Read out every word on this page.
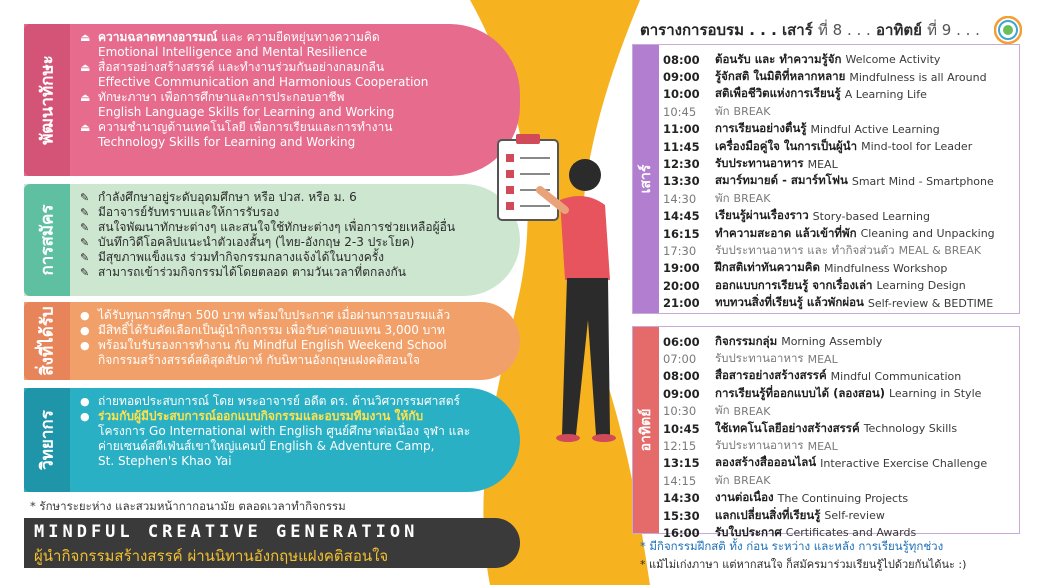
พัฒนาทักษะ
⏏ ความฉลาดทางอารมณ์ และ ความยืดหยุ่นทางความคิด
Emotional Intelligence and Mental Resilience
⏏ สื่อสารอย่างสร้างสรรค์ และทำงานร่วมกันอย่างกลมกลืน
Effective Communication and Harmonious Cooperation
⏏ ทักษะภาษา เพื่อการศึกษาและการประกอบอาชีพ
English Language Skills for Learning and Working
⏏ ความชำนาญด้านเทคโนโลยี เพื่อการเรียนและการทำงาน
Technology Skills for Learning and Working
การสมัคร
✎ กำลังศึกษาอยู่ระดับอุดมศึกษา หรือ ปวส. หรือ ม. 6
✎ มีอาจารย์รับทราบและให้การรับรอง
✎ สนใจพัฒนาทักษะต่างๆ และสนใจใช้ทักษะต่างๆ เพื่อการช่วยเหลือผู้อื่น
✎ บันทึกวิดีโอคลิปแนะนำตัวเองสั้นๆ (ไทย-อังกฤษ 2-3 ประโยค)
✎ มีสุขภาพแข็งแรง ร่วมทำกิจกรรมกลางแจ้งได้ในบางครั้ง
✎ สามารถเข้าร่วมกิจกรรมได้โดยตลอด ตามวันเวลาที่ตกลงกัน
สิ่งที่ได้รับ ● ได้รับทุนการศึกษา 500 บาท พร้อมใบประกาศ เมื่อผ่านการอบรมแล้ว
● มีสิทธิ์ได้รับคัดเลือกเป็นผู้นำกิจกรรม เพื่อรับค่าตอบแทน 3,000 บาท
● พร้อมใบรับรองการทำงาน กับ Mindful English Weekend School
กิจกรรมสร้างสรรค์สติสุดสัปดาห์ กับนิทานอังกฤษแฝงคติสอนใจ
วิทยากร
● ถ่ายทอดประสบการณ์ โดย พระอาจารย์ อดีต ดร. ด้านวิศวกรรมศาสตร์
● ร่วมกับผู้มีประสบการณ์ออกแบบกิจกรรมและอบรมทีมงาน ให้กับ
โครงการ Go International with English ศูนย์ศึกษาต่อเนื่อง จุฬา และ
ค่ายเซนต์สตีเฟ่นส์เขาใหญ่แคมป์ English & Adventure Camp,
St. Stephen's Khao Yai
* รักษาระยะห่าง และสวมหน้ากากอนามัย ตลอดเวลาทำกิจกรรม
MINDFUL CREATIVE GENERATION
ผู้นำกิจกรรมสร้างสรรค์ ผ่านนิทานอังกฤษแฝงคติสอนใจ
ตารางการอบรม . . . เสาร์ ที่ 8 . . . อาทิตย์ ที่ 9 . . .
เสาร์
08:00	ต้อนรับ และ ทำความรู้จัก Welcome Activity
09:00	รู้จักสติ ในมิติที่หลากหลาย Mindfulness is all Around
10:00	สติเพื่อชีวิตแห่งการเรียนรู้ A Learning Life
10:45	พัก BREAK
11:00	การเรียนอย่างตื่นรู้ Mindful Active Learning
11:45	เครื่องมือคู่ใจ ในการเป็นผู้นำ Mind-tool for Leader
12:30	รับประทานอาหาร MEAL
13:30	สมาร์ทมายด์ - สมาร์ทโฟน Smart Mind - Smartphone
14:30	พัก BREAK
14:45	เรียนรู้ผ่านเรื่องราว Story-based Learning
16:15	ทำความสะอาด แล้วเข้าที่พัก Cleaning and Unpacking
17:30	รับประทานอาหาร และ ทำกิจส่วนตัว MEAL & BREAK
19:00	ฝึกสติเท่าทันความคิด Mindfulness Workshop
20:00	ออกแบบการเรียนรู้ จากเรื่องเล่า Learning Design
21:00	ทบทวนสิ่งที่เรียนรู้ แล้วพักผ่อน Self-review & BEDTIME
อาทิตย์
06:00	กิจกรรมกลุ่ม Morning Assembly
07:00	รับประทานอาหาร MEAL
08:00	สื่อสารอย่างสร้างสรรค์ Mindful Communication
09:00	การเรียนรู้ที่ออกแบบได้ (ลองสอน) Learning in Style
10:30	พัก BREAK
10:45	ใช้เทคโนโลยีอย่างสร้างสรรค์ Technology Skills
12:15	รับประทานอาหาร MEAL
13:15	ลองสร้างสื่อออนไลน์ Interactive Exercise Challenge
14:15	พัก BREAK
14:30	งานต่อเนื่อง The Continuing Projects
15:30	แลกเปลี่ยนสิ่งที่เรียนรู้ Self-review
16:00	รับใบประกาศ Certificates and Awards
* มีกิจกรรมฝึกสติ ทั้ง ก่อน ระหว่าง และหลัง การเรียนรู้ทุกช่วง
* แม้ไม่เก่งภาษา แต่หากสนใจ ก็สมัครมาร่วมเรียนรู้ไปด้วยกันได้นะ :)
